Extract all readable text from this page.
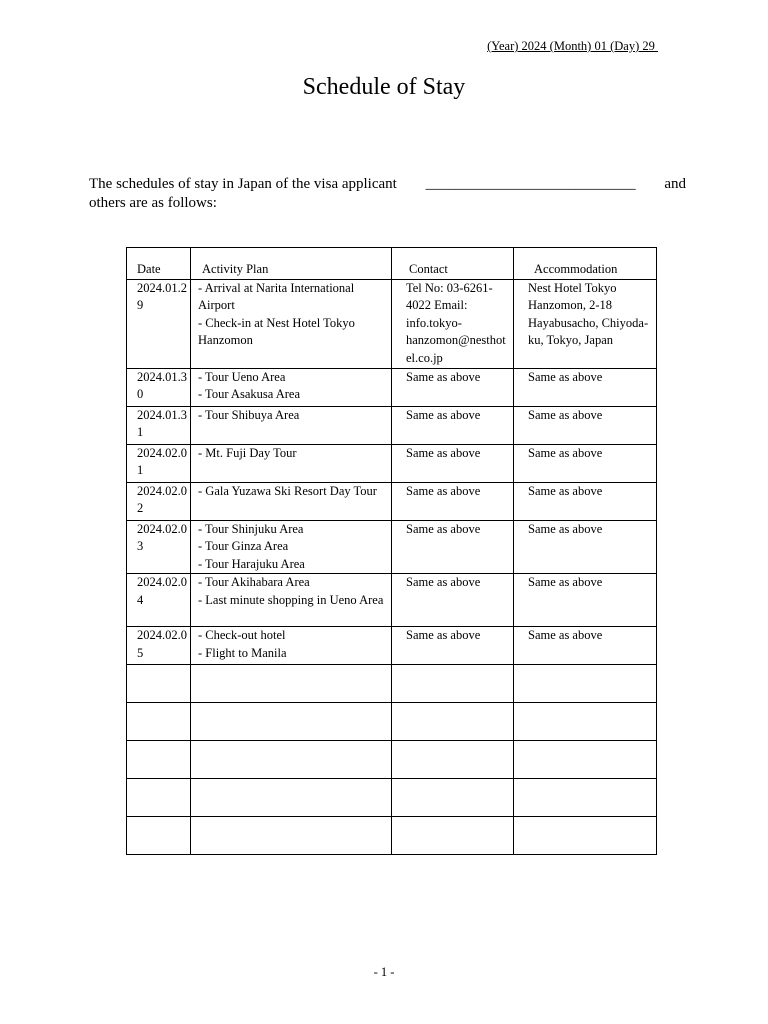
(Year) 2024 (Month) 01 (Day) 29
Schedule of Stay
The schedules of stay in Japan of the visa applicant ____________________________ and
others are as follows:
Date	Activity Plan	Contact	Accommodation
2024.01.29	- Arrival at Narita International Airport
- Check-in at Nest Hotel Tokyo Hanzomon	Tel No: 03-6261-4022 Email: info.tokyo-hanzomon@nesthotel.co.jp	Nest Hotel Tokyo Hanzomon, 2-18 Hayabusacho, Chiyoda-ku, Tokyo, Japan
2024.01.30	- Tour Ueno Area
- Tour Asakusa Area	Same as above	Same as above
2024.01.31	- Tour Shibuya Area	Same as above	Same as above
2024.02.01	- Mt. Fuji Day Tour	Same as above	Same as above
2024.02.02	- Gala Yuzawa Ski Resort Day Tour	Same as above	Same as above
2024.02.03	- Tour Shinjuku Area
- Tour Ginza Area
- Tour Harajuku Area	Same as above	Same as above
2024.02.04	- Tour Akihabara Area
- Last minute shopping in Ueno Area	Same as above	Same as above
2024.02.05	- Check-out hotel
- Flight to Manila	Same as above	Same as above

- 1 -
